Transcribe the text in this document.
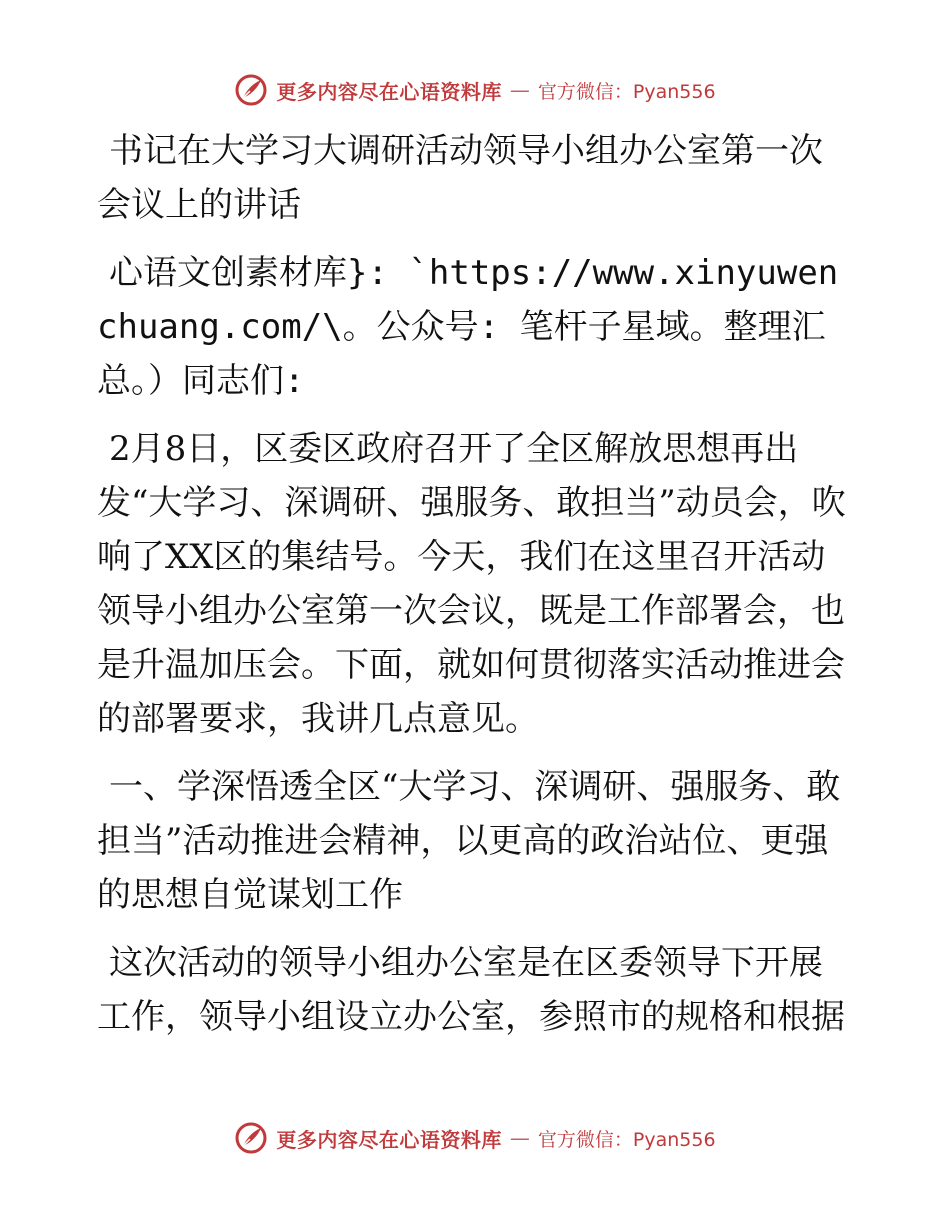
更多内容尽在心语资料库 — 官方微信：Pyan556

书记在大学习大调研活动领导小组办公室第一次会议上的讲话

心语文创素材库}: `https://www.xinyuwenchuang.com/\。公众号: 笔杆子星域。整理汇总。）同志们:

2月8日，区委区政府召开了全区解放思想再出发“大学习、深调研、强服务、敢担当”动员会，吹响了XX区的集结号。今天，我们在这里召开活动领导小组办公室第一次会议，既是工作部署会，也是升温加压会。下面，就如何贯彻落实活动推进会的部署要求，我讲几点意见。

一、学深悟透全区“大学习、深调研、强服务、敢担当”活动推进会精神，以更高的政治站位、更强的思想自觉谋划工作

这次活动的领导小组办公室是在区委领导下开展工作，领导小组设立办公室，参照市的规格和根据

更多内容尽在心语资料库 — 官方微信：Pyan556
